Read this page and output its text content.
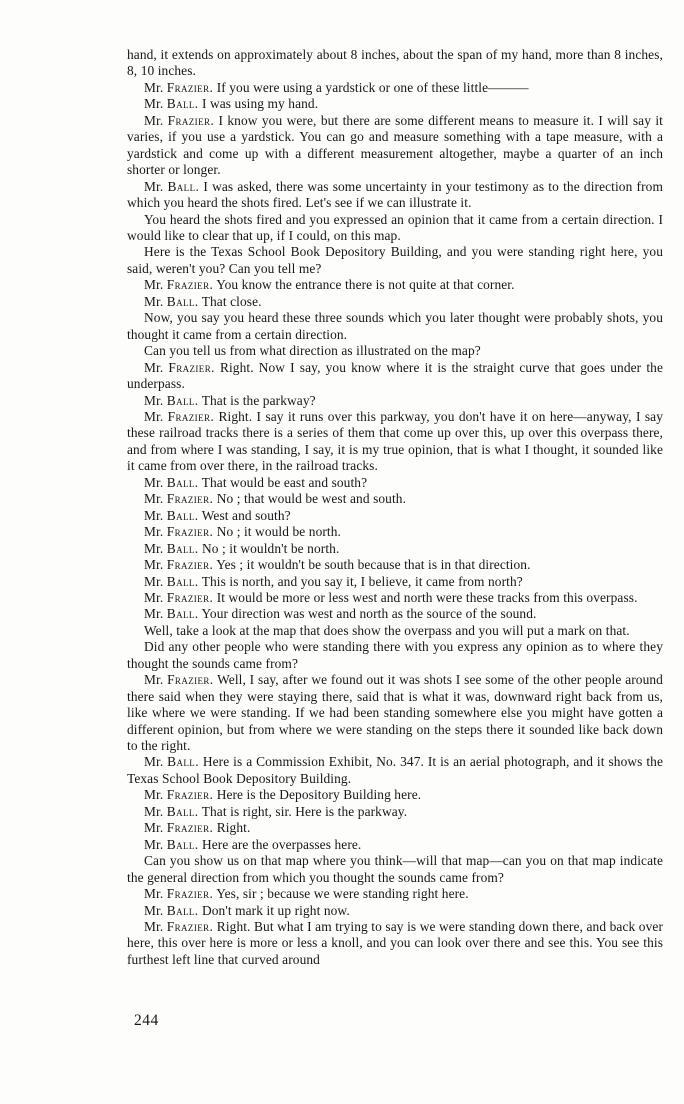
hand, it extends on approximately about 8 inches, about the span of my hand, more than 8 inches, 8, 10 inches.

Mr. Frazier. If you were using a yardstick or one of these little———

Mr. Ball. I was using my hand.

Mr. Frazier. I know you were, but there are some different means to measure it. I will say it varies, if you use a yardstick. You can go and measure something with a tape measure, with a yardstick and come up with a different measurement altogether, maybe a quarter of an inch shorter or longer.

Mr. Ball. I was asked, there was some uncertainty in your testimony as to the direction from which you heard the shots fired. Let's see if we can illustrate it.

You heard the shots fired and you expressed an opinion that it came from a certain direction. I would like to clear that up, if I could, on this map.

Here is the Texas School Book Depository Building, and you were standing right here, you said, weren't you? Can you tell me?

Mr. Frazier. You know the entrance there is not quite at that corner.

Mr. Ball. That close.

Now, you say you heard these three sounds which you later thought were probably shots, you thought it came from a certain direction.

Can you tell us from what direction as illustrated on the map?

Mr. Frazier. Right. Now I say, you know where it is the straight curve that goes under the underpass.

Mr. Ball. That is the parkway?

Mr. Frazier. Right. I say it runs over this parkway, you don't have it on here—anyway, I say these railroad tracks there is a series of them that come up over this, up over this overpass there, and from where I was standing, I say, it is my true opinion, that is what I thought, it sounded like it came from over there, in the railroad tracks.

Mr. Ball. That would be east and south?

Mr. Frazier. No ; that would be west and south.

Mr. Ball. West and south?

Mr. Frazier. No ; it would be north.

Mr. Ball. No ; it wouldn't be north.

Mr. Frazier. Yes ; it wouldn't be south because that is in that direction.

Mr. Ball. This is north, and you say it, I believe, it came from north?

Mr. Frazier. It would be more or less west and north were these tracks from this overpass.

Mr. Ball. Your direction was west and north as the source of the sound.

Well, take a look at the map that does show the overpass and you will put a mark on that.

Did any other people who were standing there with you express any opinion as to where they thought the sounds came from?

Mr. Frazier. Well, I say, after we found out it was shots I see some of the other people around there said when they were staying there, said that is what it was, downward right back from us, like where we were standing. If we had been standing somewhere else you might have gotten a different opinion, but from where we were standing on the steps there it sounded like back down to the right.

Mr. Ball. Here is a Commission Exhibit, No. 347. It is an aerial photograph, and it shows the Texas School Book Depository Building.

Mr. Frazier. Here is the Depository Building here.

Mr. Ball. That is right, sir. Here is the parkway.

Mr. Frazier. Right.

Mr. Ball. Here are the overpasses here.

Can you show us on that map where you think—will that map—can you on that map indicate the general direction from which you thought the sounds came from?

Mr. Frazier. Yes, sir ; because we were standing right here.

Mr. Ball. Don't mark it up right now.

Mr. Frazier. Right. But what I am trying to say is we were standing down there, and back over here, this over here is more or less a knoll, and you can look over there and see this. You see this furthest left line that curved around

244
